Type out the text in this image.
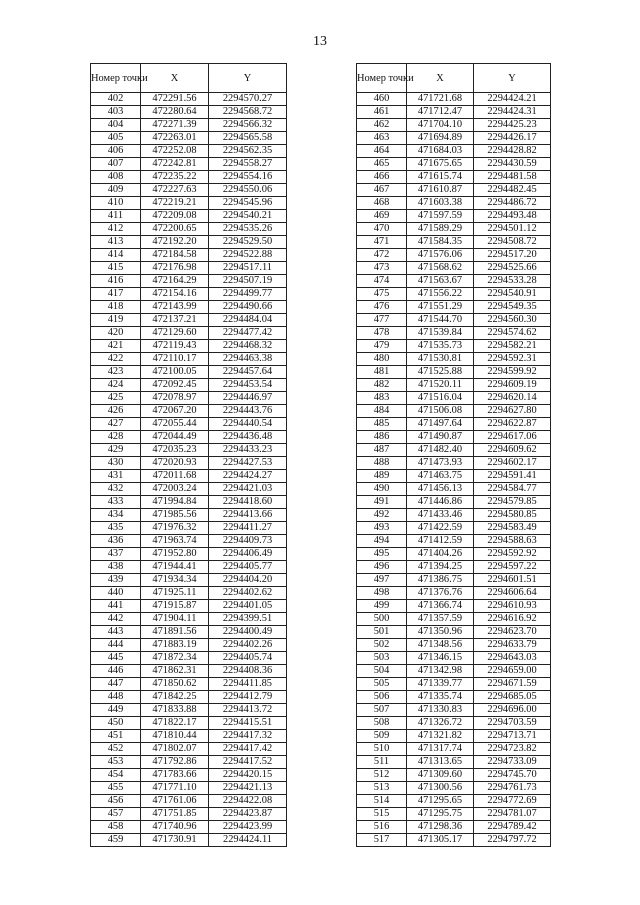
13
Номер точки	X	Y
402	472291.56	2294570.27
403	472280.64	2294568.72
404	472271.39	2294566.32
405	472263.01	2294565.58
406	472252.08	2294562.35
407	472242.81	2294558.27
408	472235.22	2294554.16
409	472227.63	2294550.06
410	472219.21	2294545.96
411	472209.08	2294540.21
412	472200.65	2294535.26
413	472192.20	2294529.50
414	472184.58	2294522.88
415	472176.98	2294517.11
416	472164.29	2294507.19
417	472154.16	2294499.77
418	472143.99	2294490.66
419	472137.21	2294484.04
420	472129.60	2294477.42
421	472119.43	2294468.32
422	472110.17	2294463.38
423	472100.05	2294457.64
424	472092.45	2294453.54
425	472078.97	2294446.97
426	472067.20	2294443.76
427	472055.44	2294440.54
428	472044.49	2294436.48
429	472035.23	2294433.23
430	472020.93	2294427.53
431	472011.68	2294424.27
432	472003.24	2294421.03
433	471994.84	2294418.60
434	471985.56	2294413.66
435	471976.32	2294411.27
436	471963.74	2294409.73
437	471952.80	2294406.49
438	471944.41	2294405.77
439	471934.34	2294404.20
440	471925.11	2294402.62
441	471915.87	2294401.05
442	471904.11	2294399.51
443	471891.56	2294400.49
444	471883.19	2294402.26
445	471872.34	2294405.74
446	471862.31	2294408.36
447	471850.62	2294411.85
448	471842.25	2294412.79
449	471833.88	2294413.72
450	471822.17	2294415.51
451	471810.44	2294417.32
452	471802.07	2294417.42
453	471792.86	2294417.52
454	471783.66	2294420.15
455	471771.10	2294421.13
456	471761.06	2294422.08
457	471751.85	2294423.87
458	471740.96	2294423.99
459	471730.91	2294424.11
Номер точки	X	Y
460	471721.68	2294424.21
461	471712.47	2294424.31
462	471704.10	2294425.23
463	471694.89	2294426.17
464	471684.03	2294428.82
465	471675.65	2294430.59
466	471615.74	2294481.58
467	471610.87	2294482.45
468	471603.38	2294486.72
469	471597.59	2294493.48
470	471589.29	2294501.12
471	471584.35	2294508.72
472	471576.06	2294517.20
473	471568.62	2294525.66
474	471563.67	2294533.28
475	471556.22	2294540.91
476	471551.29	2294549.35
477	471544.70	2294560.30
478	471539.84	2294574.62
479	471535.73	2294582.21
480	471530.81	2294592.31
481	471525.88	2294599.92
482	471520.11	2294609.19
483	471516.04	2294620.14
484	471506.08	2294627.80
485	471497.64	2294622.87
486	471490.87	2294617.06
487	471482.40	2294609.62
488	471473.93	2294602.17
489	471463.75	2294591.41
490	471456.13	2294584.77
491	471446.86	2294579.85
492	471433.46	2294580.85
493	471422.59	2294583.49
494	471412.59	2294588.63
495	471404.26	2294592.92
496	471394.25	2294597.22
497	471386.75	2294601.51
498	471376.76	2294606.64
499	471366.74	2294610.93
500	471357.59	2294616.92
501	471350.96	2294623.70
502	471348.56	2294633.79
503	471346.15	2294643.03
504	471342.98	2294659.00
505	471339.77	2294671.59
506	471335.74	2294685.05
507	471330.83	2294696.00
508	471326.72	2294703.59
509	471321.82	2294713.71
510	471317.74	2294723.82
511	471313.65	2294733.09
512	471309.60	2294745.70
513	471300.56	2294761.73
514	471295.65	2294772.69
515	471295.75	2294781.07
516	471298.36	2294789.42
517	471305.17	2294797.72
